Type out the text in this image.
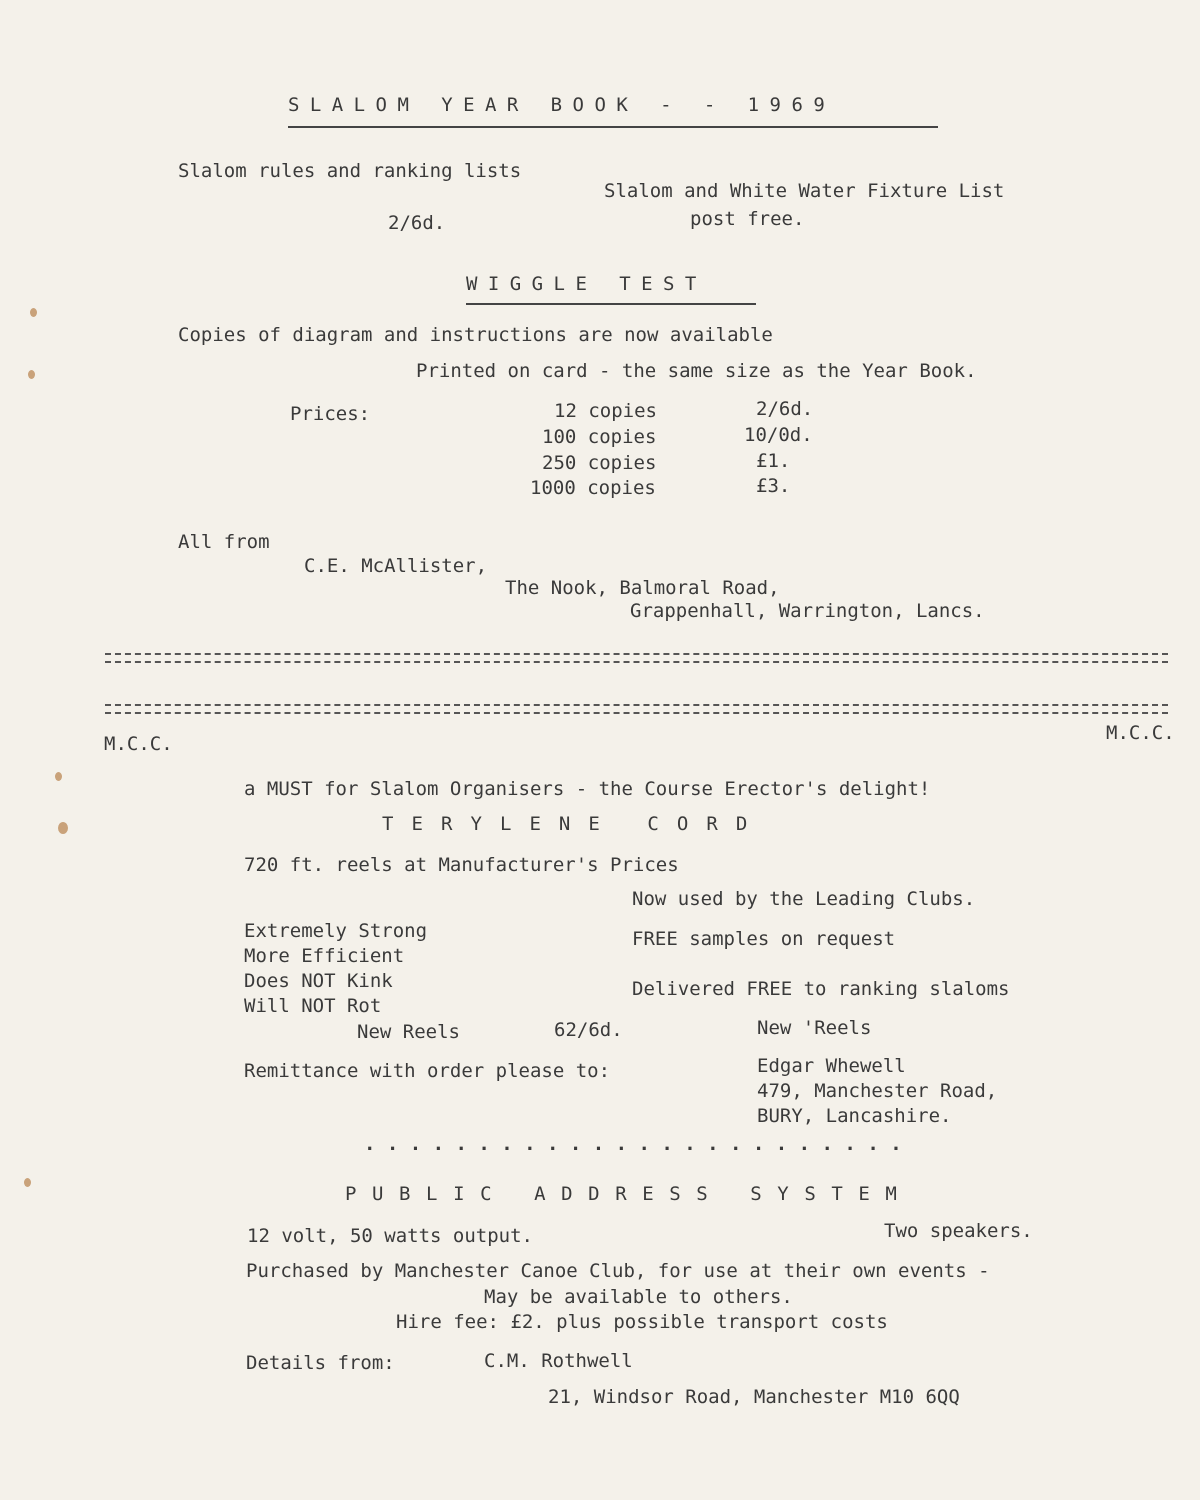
SLALOM YEAR BOOK - - 1969
Slalom rules and ranking lists
2/6d.
Slalom and White Water Fixture List
post free.
WIGGLE TEST
Copies of diagram and instructions are now available
Printed on card - the same size as the Year Book.
Prices:	12 copies	2/6d.
100 copies	10/0d.
250 copies	£1.
1000 copies	£3.
All from
C.E. McAllister,
The Nook, Balmoral Road,
Grappenhall, Warrington, Lancs.
M.C.C.	M.C.C.
a MUST for Slalom Organisers - the Course Erector's delight!
TERYLENE CORD
720 ft. reels at Manufacturer's Prices
Now used by the Leading Clubs.
Extremely Strong
More Efficient
Does NOT Kink
Will NOT Rot
FREE samples on request
Delivered FREE to ranking slaloms
New Reels	62/6d.	New 'Reels
Remittance with order please to:	Edgar Whewell
479, Manchester Road,
BURY, Lancashire.
. . . . . . . . . . . . . . . . . . . . . . . .
PUBLIC ADDRESS SYSTEM
12 volt, 50 watts output.	Two speakers.
Purchased by Manchester Canoe Club, for use at their own events -
May be available to others.
Hire fee: £2. plus possible transport costs
Details from:	C.M. Rothwell
21, Windsor Road, Manchester M10 6QQ
